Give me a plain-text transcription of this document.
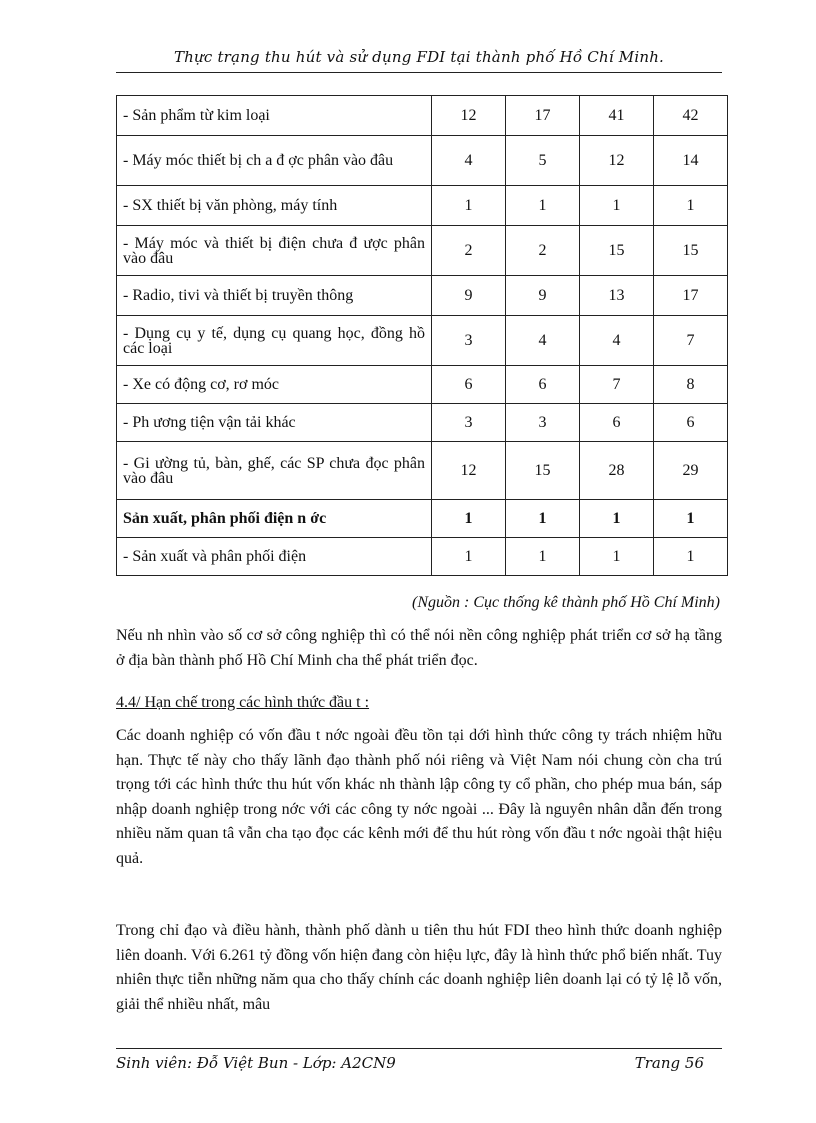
Thực trạng thu hút và sử dụng FDI tại thành phố Hồ Chí Minh.
- Sản phẩm từ kim loại	12	17	41	42
- Máy móc thiết bị ch a đ ợc phân vào đâu	4	5	12	14
- SX thiết bị văn phòng, máy tính	1	1	1	1
- Máy móc và thiết bị điện chưa đ ược phân vào đâu	2	2	15	15
- Radio, tivi và thiết bị truyền thông	9	9	13	17
- Dụng cụ y tế, dụng cụ quang học, đồng hồ các loại	3	4	4	7
- Xe có động cơ, rơ móc	6	6	7	8
- Ph ương tiện vận tải khác	3	3	6	6
- Gi ường tủ, bàn, ghế, các SP chưa đọc phân vào đâu	12	15	28	29
Sản xuất, phân phối điện n ớc	1	1	1	1
- Sản xuất và phân phối điện	1	1	1	1
(Nguồn : Cục thống kê thành phố Hồ Chí Minh)

Nếu nh nhìn vào số cơ sở công nghiệp thì có thể nói nền công nghiệp phát triển cơ sở hạ tầng ở địa bàn thành phố Hồ Chí Minh cha thể phát triển đọc.

4.4/ Hạn chế trong các hình thức đầu t :

Các doanh nghiệp có vốn đầu t nớc ngoài đều tồn tại dới hình thức công ty trách nhiệm hữu hạn. Thực tế này cho thấy lãnh đạo thành phố nói riêng và Việt Nam nói chung còn cha trú trọng tới các hình thức thu hút vốn khác nh thành lập công ty cổ phần, cho phép mua bán, sáp nhập doanh nghiệp trong nớc với các công ty nớc ngoài ... Đây là nguyên nhân dẫn đến trong nhiều năm quan tâ vẫn cha tạo đọc các kênh mới để thu hút ròng vốn đầu t nớc ngoài thật hiệu quả.

Trong chỉ đạo và điều hành, thành phố dành u tiên thu hút FDI theo hình thức doanh nghiệp liên doanh. Với 6.261 tỷ đồng vốn hiện đang còn hiệu lực, đây là hình thức phổ biến nhất. Tuy nhiên thực tiễn những năm qua cho thấy chính các doanh nghiệp liên doanh lại có tỷ lệ lỗ vốn, giải thể nhiều nhất, mâu

Sinh viên: Đỗ Việt Bun - Lớp: A2CN9	Trang 56
